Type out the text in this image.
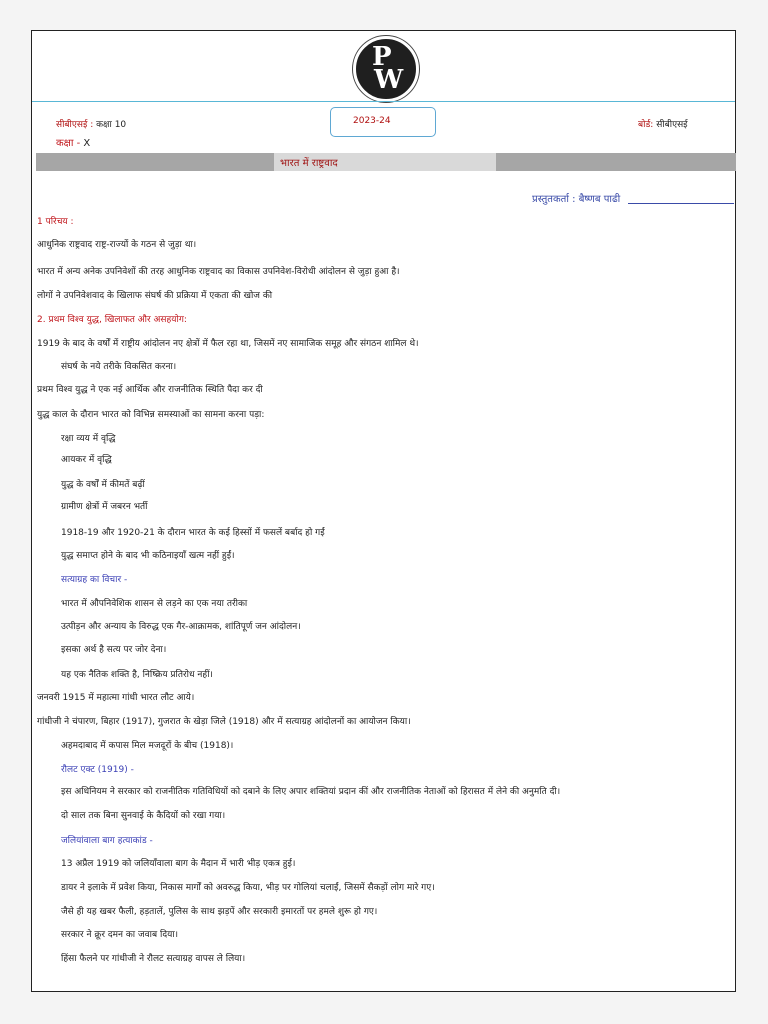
P
W
सीबीएसई : कक्षा 10	2023-24	बोर्ड: सीबीएसई
कक्षा - X
भारत में राष्ट्रवाद
प्रस्तुतकर्ता : बैष्णब पाढी
1 परिचय :
आधुनिक राष्ट्रवाद राष्ट्र-राज्यों के गठन से जुड़ा था।
भारत में अन्य अनेक उपनिवेशों की तरह आधुनिक राष्ट्रवाद का विकास उपनिवेश-विरोधी आंदोलन से जुड़ा हुआ है।
लोगों ने उपनिवेशवाद के खिलाफ संघर्ष की प्रक्रिया में एकता की खोज की
2. प्रथम विश्व युद्ध, खिलाफत और असहयोग:
1919 के बाद के वर्षों में राष्ट्रीय आंदोलन नए क्षेत्रों में फैल रहा था, जिसमें नए सामाजिक समूह और संगठन शामिल थे।
संघर्ष के नये तरीके विकसित करना।
प्रथम विश्व युद्ध ने एक नई आर्थिक और राजनीतिक स्थिति पैदा कर दी
युद्ध काल के दौरान भारत को विभिन्न समस्याओं का सामना करना पड़ा:
रक्षा व्यय में वृद्धि
आयकर में वृद्धि
युद्ध के वर्षों में कीमतें बढ़ीं
ग्रामीण क्षेत्रों में जबरन भर्ती
1918-19 और 1920-21 के दौरान भारत के कई हिस्सों में फसलें बर्बाद हो गईं
युद्ध समाप्त होने के बाद भी कठिनाइयाँ खत्म नहीं हुईं।
सत्याग्रह का विचार -
भारत में औपनिवेशिक शासन से लड़ने का एक नया तरीका
उत्पीड़न और अन्याय के विरुद्ध एक गैर-आक्रामक, शांतिपूर्ण जन आंदोलन।
इसका अर्थ है सत्य पर जोर देना।
यह एक नैतिक शक्ति है, निष्क्रिय प्रतिरोध नहीं।
जनवरी 1915 में महात्मा गांधी भारत लौट आये।
गांधीजी ने चंपारण, बिहार (1917), गुजरात के खेड़ा जिले (1918) और में सत्याग्रह आंदोलनों का आयोजन किया।
अहमदाबाद में कपास मिल मजदूरों के बीच (1918)।
रौलट एक्ट (1919) -
इस अधिनियम ने सरकार को राजनीतिक गतिविधियों को दबाने के लिए अपार शक्तियां प्रदान कीं और राजनीतिक नेताओं को हिरासत में लेने की अनुमति दी।
दो साल तक बिना सुनवाई के कैदियों को रखा गया।
जलियांवाला बाग हत्याकांड -
13 अप्रैल 1919 को जलियाँवाला बाग के मैदान में भारी भीड़ एकत्र हुई।
डायर ने इलाके में प्रवेश किया, निकास मार्गों को अवरुद्ध किया, भीड़ पर गोलियां चलाईं, जिसमें सैकड़ों लोग मारे गए।
जैसे ही यह खबर फैली, हड़तालें, पुलिस के साथ झड़पें और सरकारी इमारतों पर हमले शुरू हो गए।
सरकार ने क्रूर दमन का जवाब दिया।
हिंसा फैलने पर गांधीजी ने रौलट सत्याग्रह वापस ले लिया।
